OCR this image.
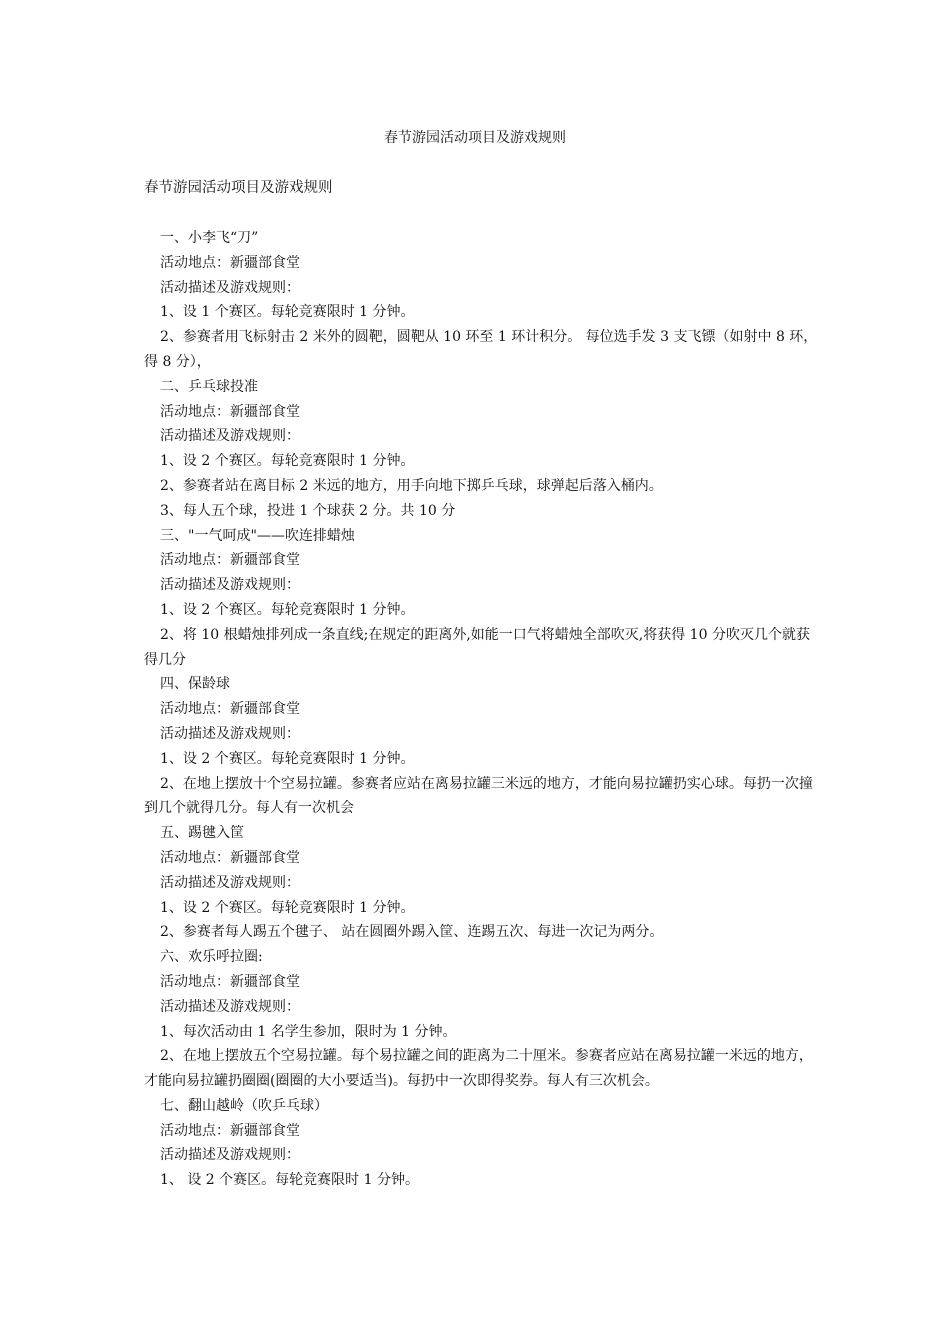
春节游园活动项目及游戏规则
春节游园活动项目及游戏规则

一、小李飞“刀”

活动地点：新疆部食堂

活动描述及游戏规则：

1、设 1 个赛区。每轮竞赛限时 1 分钟。

2、参赛者用飞标射击 2 米外的圆靶，圆靶从 10 环至 1 环计积分。 每位选手发 3 支飞镖（如射中 8 环，得 8 分），

二、乒乓球投准

活动地点：新疆部食堂

活动描述及游戏规则：

1、设 2 个赛区。每轮竞赛限时 1 分钟。

2、参赛者站在离目标 2 米远的地方，用手向地下掷乒乓球，球弹起后落入桶内。

3、每人五个球，投进 1 个球获 2 分。共 10 分

三、"一气呵成"——吹连排蜡烛

活动地点：新疆部食堂

活动描述及游戏规则：

1、设 2 个赛区。每轮竞赛限时 1 分钟。

2、将 10 根蜡烛排列成一条直线;在规定的距离外,如能一口气将蜡烛全部吹灭,将获得 10 分吹灭几个就获得几分

四、保龄球

活动地点：新疆部食堂

活动描述及游戏规则：

1、设 2 个赛区。每轮竞赛限时 1 分钟。

2、在地上摆放十个空易拉罐。参赛者应站在离易拉罐三米远的地方，才能向易拉罐扔实心球。每扔一次撞到几个就得几分。每人有一次机会

五、踢毽入筐

活动地点：新疆部食堂

活动描述及游戏规则：

1、设 2 个赛区。每轮竞赛限时 1 分钟。

2、参赛者每人踢五个毽子、 站在圆圈外踢入筐、连踢五次、每进一次记为两分。

六、欢乐呼拉圈:

活动地点：新疆部食堂

活动描述及游戏规则：

1、每次活动由 1 名学生参加，限时为 1 分钟。

2、在地上摆放五个空易拉罐。每个易拉罐之间的距离为二十厘米。参赛者应站在离易拉罐一米远的地方，才能向易拉罐扔圈圈(圈圈的大小要适当)。每扔中一次即得奖券。每人有三次机会。

七、翻山越岭（吹乒乓球）

活动地点：新疆部食堂

活动描述及游戏规则：

1、 设 2 个赛区。每轮竞赛限时 1 分钟。
